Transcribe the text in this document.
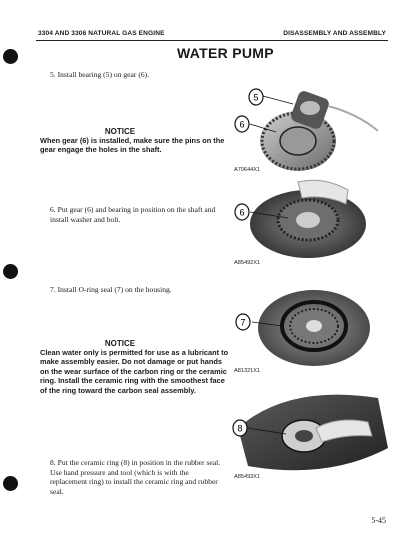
3304 AND 3306 NATURAL GAS ENGINE	DISASSEMBLY AND ASSEMBLY
WATER PUMP
5. Install bearing (5) on gear (6).
NOTICE
When gear (6) is installed, make sure the pins on the gear engage the holes in the shaft.
5
6
A70644X1
6. Put gear (6) and bearing in position on the shaft and install washer and bolt.
6
A85492X1
7. Install O-ring seal (7) on the housing.
7
A81321X1
NOTICE
Clean water only is permitted for use as a lubricant to make assembly easier. Do not damage or put hands on the wear surface of the carbon ring or the ceramic ring. Install the ceramic ring with the smoothest face of the ring toward the carbon seal assembly.
8. Put the ceramic ring (8) in position in the rubber seal. Use hand pressure and tool (which is with the replacement ring) to install the ceramic ring and rubber seal.
8
A85493X1
5-45
